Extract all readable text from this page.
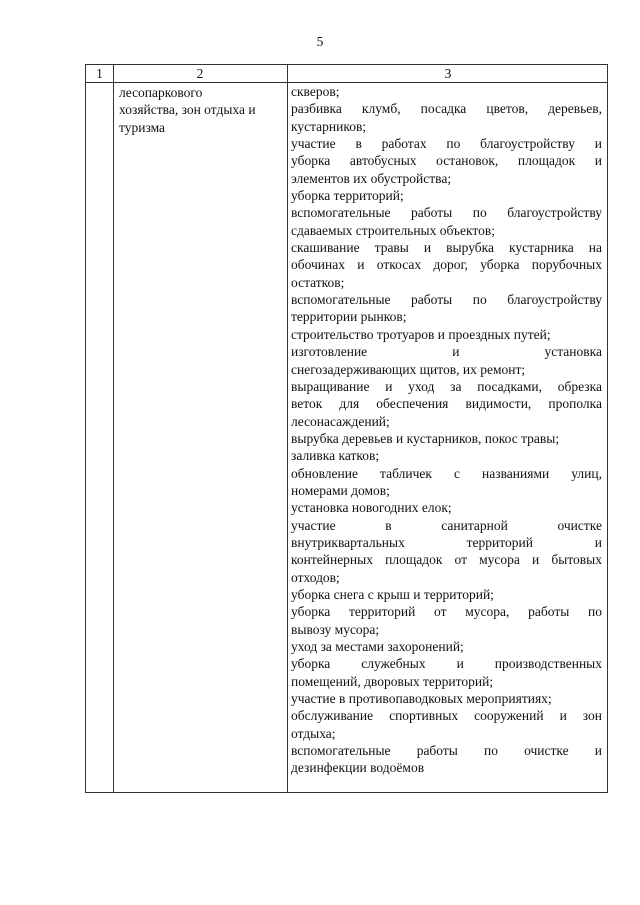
5
1	2	3
лесопаркового
хозяйства, зон отдыха и
туризма
скверов;
разбивка клумб, посадка цветов, деревьев,
кустарников;
участие в работах по благоустройству и
уборка автобусных остановок, площадок и
элементов их обустройства;
уборка территорий;
вспомогательные работы по благоустройству
сдаваемых строительных объектов;
скашивание травы и вырубка кустарника на
обочинах и откосах дорог, уборка порубочных
остатков;
вспомогательные работы по благоустройству
территории рынков;
строительство тротуаров и проездных путей;
изготовление и установка
снегозадерживающих щитов, их ремонт;
выращивание и уход за посадками, обрезка
веток для обеспечения видимости, прополка
лесонасаждений;
вырубка деревьев и кустарников, покос травы;
заливка катков;
обновление табличек с названиями улиц,
номерами домов;
установка новогодних елок;
участие в санитарной очистке
внутриквартальных территорий и
контейнерных площадок от мусора и бытовых
отходов;
уборка снега с крыш и территорий;
уборка территорий от мусора, работы по
вывозу мусора;
уход за местами захоронений;
уборка служебных и производственных
помещений, дворовых территорий;
участие в противопаводковых мероприятиях;
обслуживание спортивных сооружений и зон
отдыха;
вспомогательные работы по очистке и
дезинфекции водоёмов
